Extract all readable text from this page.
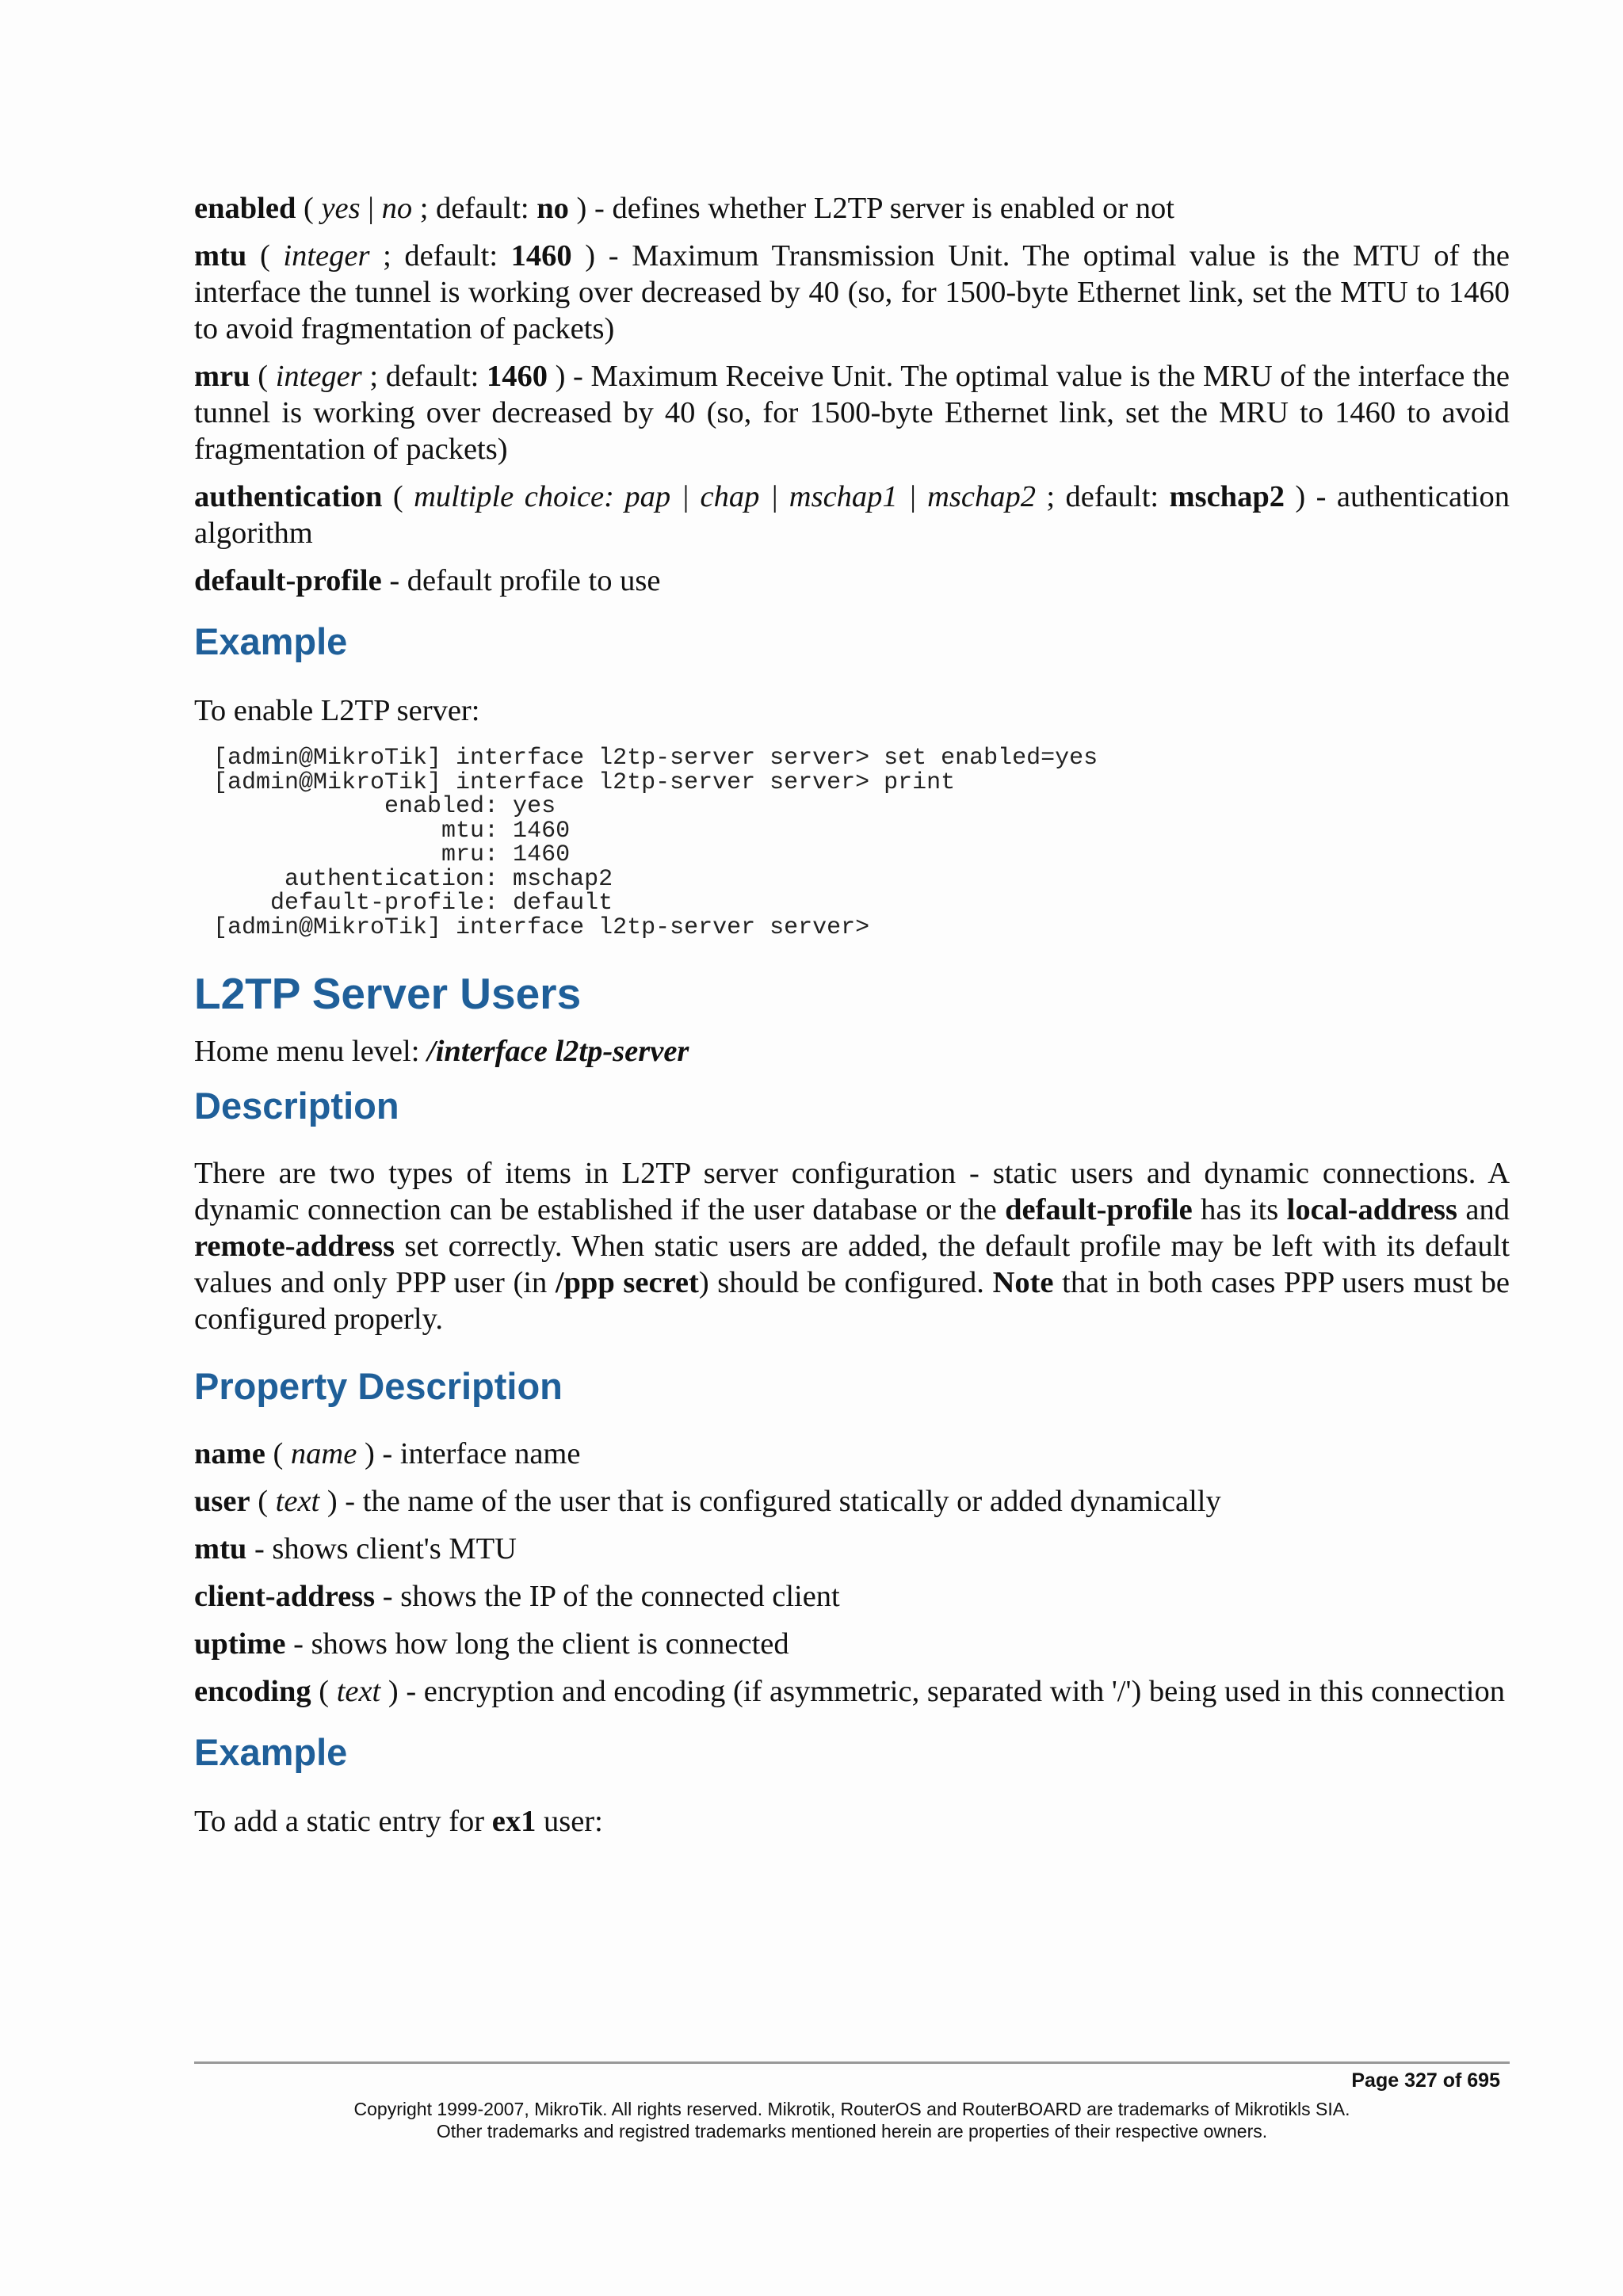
enabled ( yes | no ; default: no ) - defines whether L2TP server is enabled or not

mtu ( integer ; default: 1460 ) - Maximum Transmission Unit. The optimal value is the MTU of the interface the tunnel is working over decreased by 40 (so, for 1500-byte Ethernet link, set the MTU to 1460 to avoid fragmentation of packets)

mru ( integer ; default: 1460 ) - Maximum Receive Unit. The optimal value is the MRU of the interface the tunnel is working over decreased by 40 (so, for 1500-byte Ethernet link, set the MRU to 1460 to avoid fragmentation of packets)

authentication ( multiple choice: pap | chap | mschap1 | mschap2 ; default: mschap2 ) - authentication algorithm

default-profile - default profile to use

Example

To enable L2TP server:

[admin@MikroTik] interface l2tp-server server> set enabled=yes
[admin@MikroTik] interface l2tp-server server> print
enabled: yes
mtu: 1460
mru: 1460
authentication: mschap2
default-profile: default
[admin@MikroTik] interface l2tp-server server>
L2TP Server Users

Home menu level: /interface l2tp-server

Description

There are two types of items in L2TP server configuration - static users and dynamic connections. A dynamic connection can be established if the user database or the default-profile has its local-address and remote-address set correctly. When static users are added, the default profile may be left with its default values and only PPP user (in /ppp secret) should be configured. Note that in both cases PPP users must be configured properly.

Property Description

name ( name ) - interface name

user ( text ) - the name of the user that is configured statically or added dynamically

mtu - shows client's MTU

client-address - shows the IP of the connected client

uptime - shows how long the client is connected

encoding ( text ) - encryption and encoding (if asymmetric, separated with '/') being used in this connection

Example

To add a static entry for ex1 user:

Page 327 of 695
Copyright 1999-2007, MikroTik. All rights reserved. Mikrotik, RouterOS and RouterBOARD are trademarks of Mikrotikls SIA.
Other trademarks and registred trademarks mentioned herein are properties of their respective owners.
